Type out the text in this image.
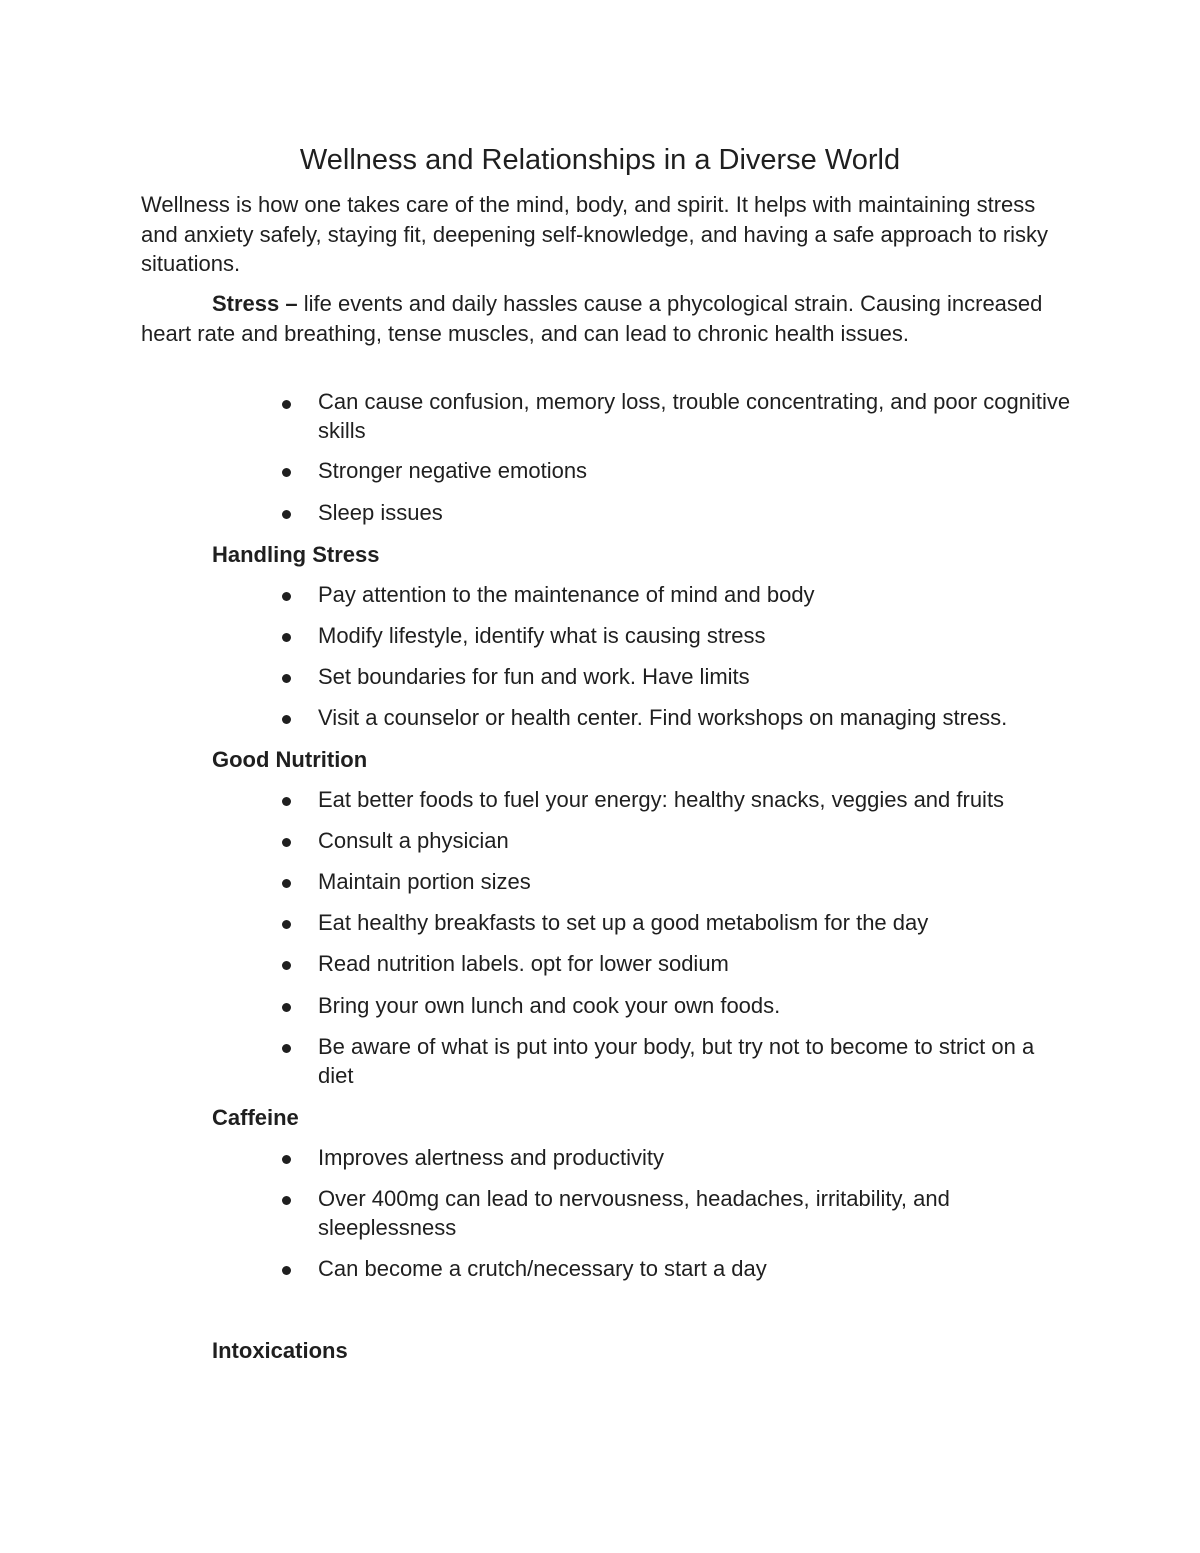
Wellness and Relationships in a Diverse World

Wellness is how one takes care of the mind, body, and spirit. It helps with maintaining stress and anxiety safely, staying fit, deepening self-knowledge, and having a safe approach to risky situations.

Stress – life events and daily hassles cause a phycological strain. Causing increased heart rate and breathing, tense muscles, and can lead to chronic health issues.

Can cause confusion, memory loss, trouble concentrating, and poor cognitive skills

Stronger negative emotions

Sleep issues

Handling Stress

Pay attention to the maintenance of mind and body

Modify lifestyle, identify what is causing stress

Set boundaries for fun and work. Have limits

Visit a counselor or health center. Find workshops on managing stress.

Good Nutrition

Eat better foods to fuel your energy: healthy snacks, veggies and fruits

Consult a physician

Maintain portion sizes

Eat healthy breakfasts to set up a good metabolism for the day

Read nutrition labels. opt for lower sodium

Bring your own lunch and cook your own foods.

Be aware of what is put into your body, but try not to become to strict on a diet

Caffeine

Improves alertness and productivity

Over 400mg can lead to nervousness, headaches, irritability, and sleeplessness

Can become a crutch/necessary to start a day

Intoxications
